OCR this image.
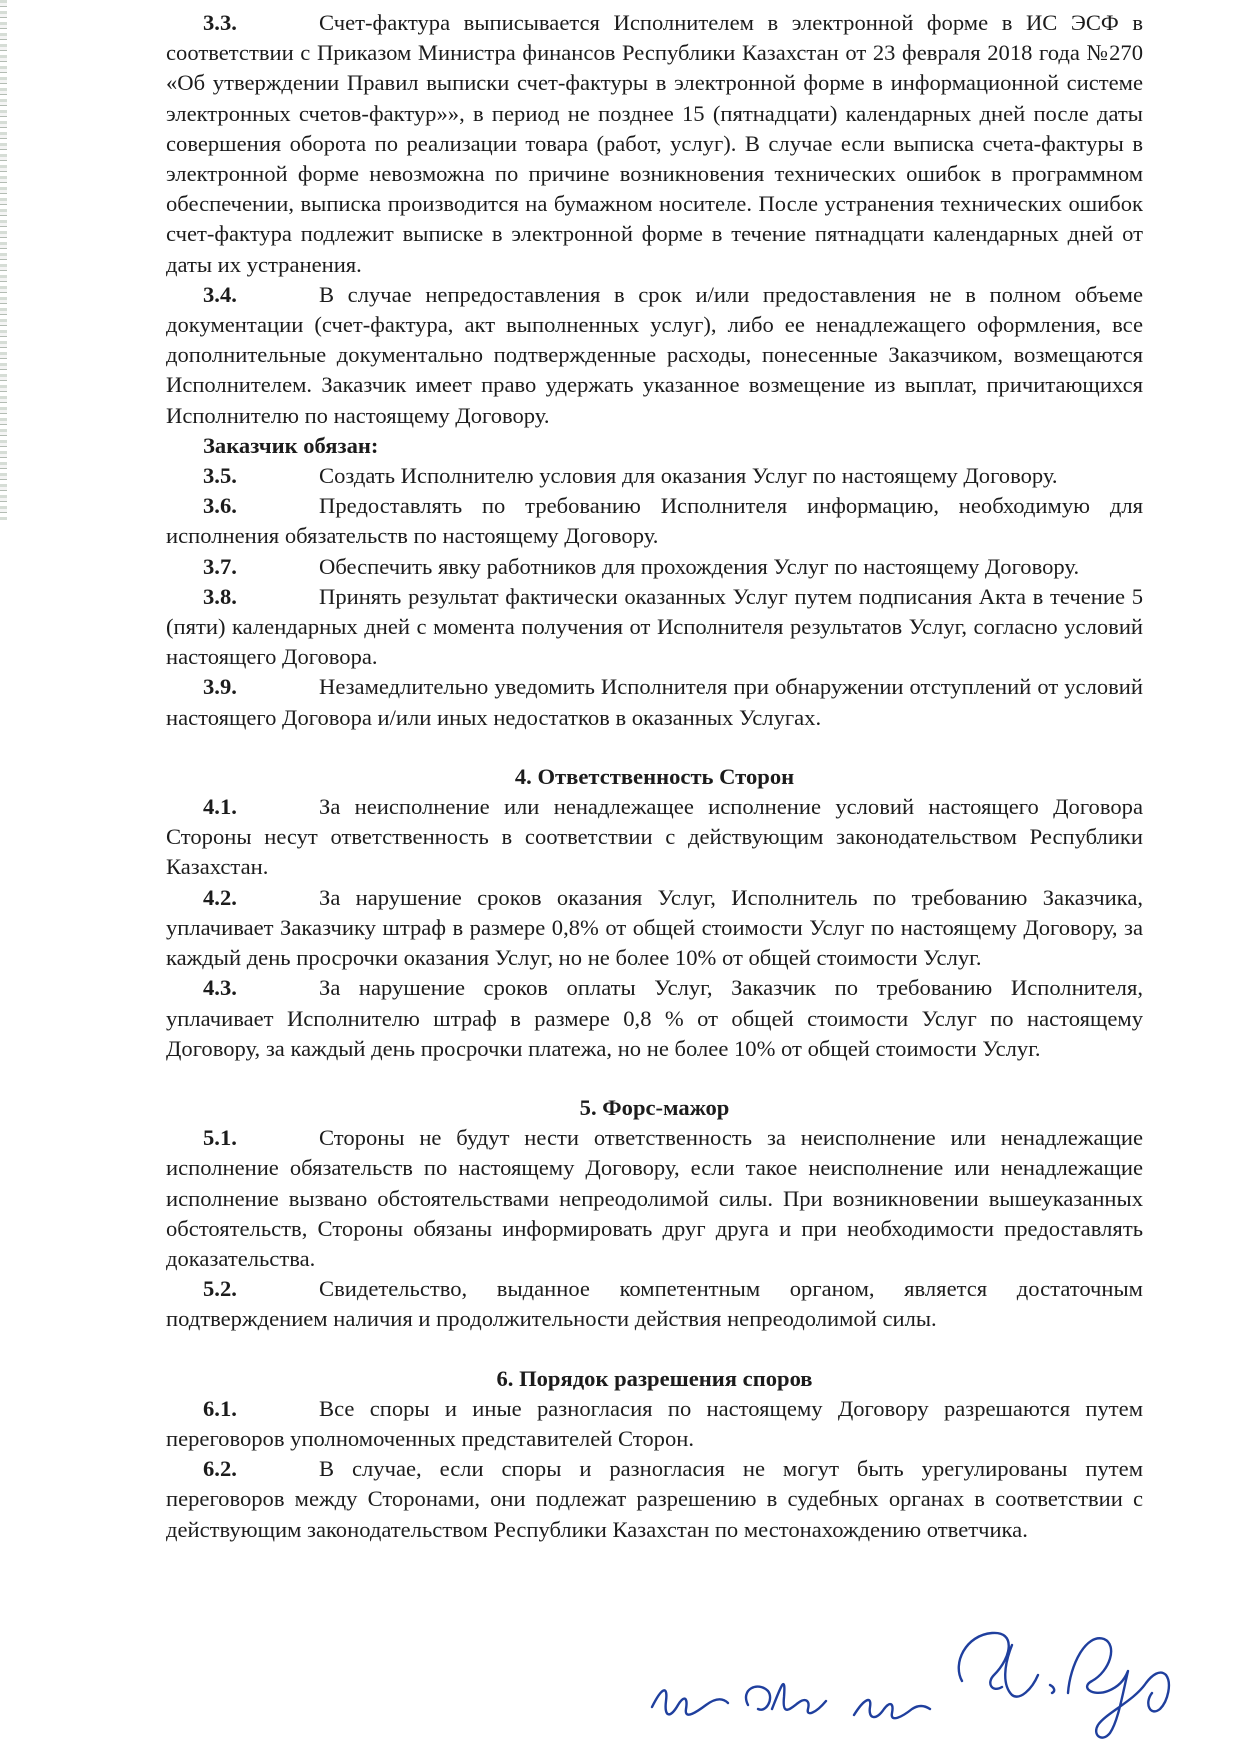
3.3.	Счет-фактура выписывается Исполнителем в электронной форме в ИС ЭСФ в соответствии с Приказом Министра финансов Республики Казахстан от 23 февраля 2018 года №270 «Об утверждении Правил выписки счет-фактуры в электронной форме в информационной системе электронных счетов-фактур»», в период не позднее 15 (пятнадцати) календарных дней после даты совершения оборота по реализации товара (работ, услуг). В случае если выписка счета-фактуры в электронной форме невозможна по причине возникновения технических ошибок в программном обеспечении, выписка производится на бумажном носителе. После устранения технических ошибок счет-фактура подлежит выписке в электронной форме в течение пятнадцати календарных дней от даты их устранения.

3.4.	В случае непредоставления в срок и/или предоставления не в полном объеме документации (счет-фактура, акт выполненных услуг), либо ее ненадлежащего оформления, все дополнительные документально подтвержденные расходы, понесенные Заказчиком, возмещаются Исполнителем. Заказчик имеет право удержать указанное возмещение из выплат, причитающихся Исполнителю по настоящему Договору.

Заказчик обязан:

3.5.	Создать Исполнителю условия для оказания Услуг по настоящему Договору.

3.6.	Предоставлять по требованию Исполнителя информацию, необходимую для исполнения обязательств по настоящему Договору.

3.7.	Обеспечить явку работников для прохождения Услуг по настоящему Договору.

3.8.	Принять результат фактически оказанных Услуг путем подписания Акта в течение 5 (пяти) календарных дней с момента получения от Исполнителя результатов Услуг, согласно условий настоящего Договора.

3.9.	Незамедлительно уведомить Исполнителя при обнаружении отступлений от условий настоящего Договора и/или иных недостатков в оказанных Услугах.

4. Ответственность Сторон

4.1.	За неисполнение или ненадлежащее исполнение условий настоящего Договора Стороны несут ответственность в соответствии с действующим законодательством Республики Казахстан.

4.2.	За нарушение сроков оказания Услуг, Исполнитель по требованию Заказчика, уплачивает Заказчику штраф в размере 0,8% от общей стоимости Услуг по настоящему Договору, за каждый день просрочки оказания Услуг, но не более 10% от общей стоимости Услуг.

4.3.	За нарушение сроков оплаты Услуг, Заказчик по требованию Исполнителя, уплачивает Исполнителю штраф в размере 0,8 % от общей стоимости Услуг по настоящему Договору, за каждый день просрочки платежа, но не более 10% от общей стоимости Услуг.

5. Форс-мажор

5.1.	Стороны не будут нести ответственность за неисполнение или ненадлежащие исполнение обязательств по настоящему Договору, если такое неисполнение или ненадлежащие исполнение вызвано обстоятельствами непреодолимой силы. При возникновении вышеуказанных обстоятельств, Стороны обязаны информировать друг друга и при необходимости предоставлять доказательства.

5.2.	Свидетельство, выданное компетентным органом, является достаточным подтверждением наличия и продолжительности действия непреодолимой силы.

6. Порядок разрешения споров

6.1.	Все споры и иные разногласия по настоящему Договору разрешаются путем переговоров уполномоченных представителей Сторон.

6.2.	В случае, если споры и разногласия не могут быть урегулированы путем переговоров между Сторонами, они подлежат разрешению в судебных органах в соответствии с действующим законодательством Республики Казахстан по местонахождению ответчика.
